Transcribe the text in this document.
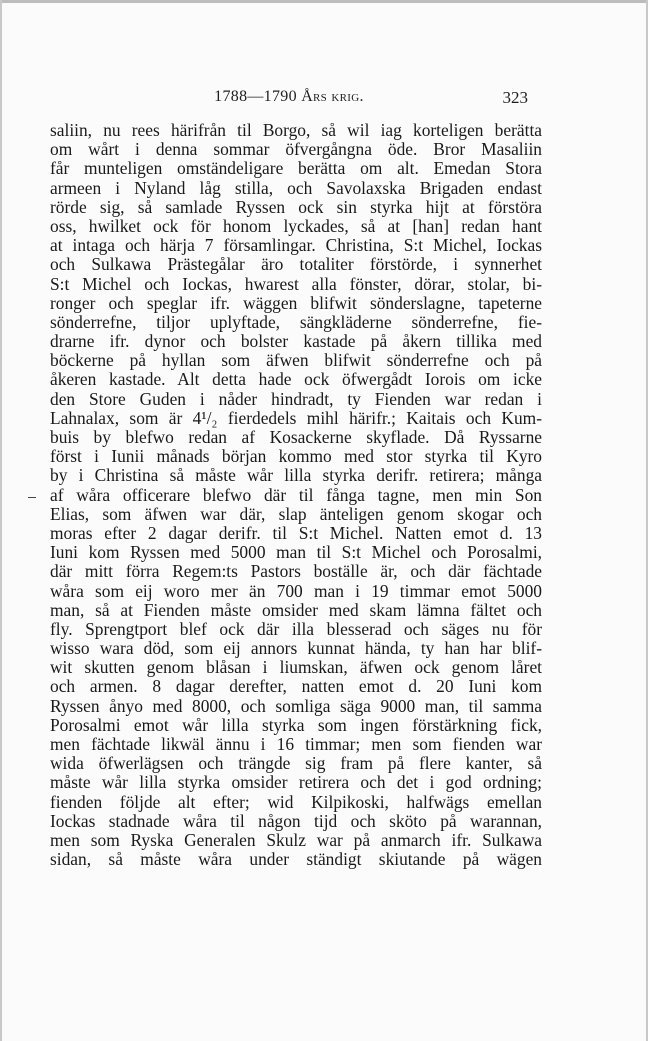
1788—1790 Års krig.	323
saliin, nu rees härifrån til Borgo, så wil iag korteligen berätta
om wårt i denna sommar öfvergångna öde. Bror Masaliin
får munteligen omständeligare berätta om alt. Emedan Stora
armeen i Nyland låg stilla, och Savolaxska Brigaden endast
rörde sig, så samlade Ryssen ock sin styrka hijt at förstöra
oss, hwilket ock för honom lyckades, så at [han] redan hant
at intaga och härja 7 församlingar. Christina, S:t Michel, Iockas
och Sulkawa Prästegålar äro totaliter förstörde, i synnerhet
S:t Michel och Iockas, hwarest alla fönster, dörar, stolar, bi-
ronger och speglar ifr. wäggen blifwit sönderslagne, tapeterne
sönderrefne, tiljor uplyftade, sängkläderne sönderrefne, fie-
drarne ifr. dynor och bolster kastade på åkern tillika med
böckerne på hyllan som äfwen blifwit sönderrefne och på
åkeren kastade. Alt detta hade ock öfwergådt Iorois om icke
den Store Guden i nåder hindradt, ty Fienden war redan i
Lahnalax, som är 4¹/₂ fierdedels mihl härifr.; Kaitais och Kum-
buis by blefwo redan af Kosackerne skyflade. Då Ryssarne
först i Iunii månads början kommo med stor styrka til Kyro
by i Christina så måste wår lilla styrka derifr. retirera; många
af wåra officerare blefwo där til fånga tagne, men min Son
Elias, som äfwen war där, slap änteligen genom skogar och
moras efter 2 dagar derifr. til S:t Michel. Natten emot d. 13
Iuni kom Ryssen med 5000 man til S:t Michel och Porosalmi,
där mitt förra Regem:ts Pastors boställe är, och där fächtade
wåra som eij woro mer än 700 man i 19 timmar emot 5000
man, så at Fienden måste omsider med skam lämna fältet och
fly. Sprengtport blef ock där illa blesserad och säges nu för
wisso wara död, som eij annors kunnat hända, ty han har blif-
wit skutten genom blåsan i liumskan, äfwen ock genom låret
och armen. 8 dagar derefter, natten emot d. 20 Iuni kom
Ryssen ånyo med 8000, och somliga säga 9000 man, til samma
Porosalmi emot wår lilla styrka som ingen förstärkning fick,
men fächtade likwäl ännu i 16 timmar; men som fienden war
wida öfwerlägsen och trängde sig fram på flere kanter, så
måste wår lilla styrka omsider retirera och det i god ordning;
fienden följde alt efter; wid Kilpikoski, halfwägs emellan
Iockas stadnade wåra til någon tijd och sköto på warannan,
men som Ryska Generalen Skulz war på anmarch ifr. Sulkawa
sidan, så måste wåra under ständigt skiutande på wägen
